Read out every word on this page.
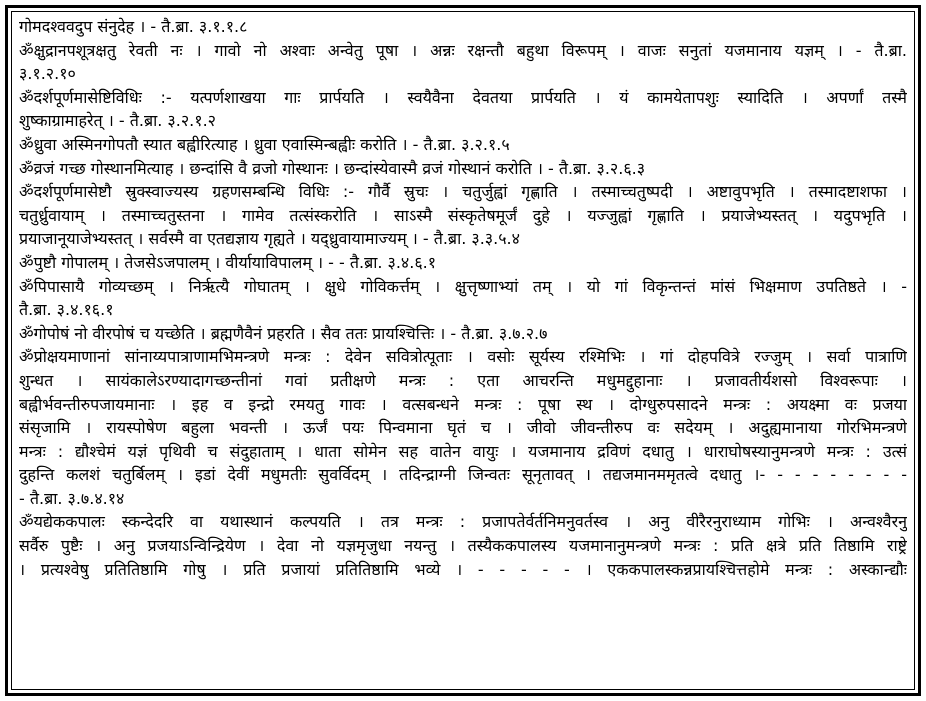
गोमदश्ववदुप संनुदेह । - तै.ब्रा. ३.१.१.८
ॐक्षुद्रानपशूत्रक्षतु रेवती नः । गावो नो अश्वाः अन्वेतु पूषा । अन्नः रक्षन्तौ बहुथा विरूपम् । वाजः सनुतां यजमानाय यज्ञम् । - तै.ब्रा.
३.१.२.१०
ॐदर्शपूर्णमासेष्टिविधिः :- यत्पर्णशाखया गाः प्रार्पयति । स्वयैवैना देवतया प्रार्पयति । यं कामयेतापशुः स्यादिति । अपर्णां तस्मै
शुष्काग्रामाहरेत् । - तै.ब्रा. ३.२.१.२
ॐध्रुवा अस्मिनगोपतौ स्यात बह्वीरित्याह । ध्रुवा एवास्मिन्बह्वीः करोति । - तै.ब्रा. ३.२.१.५
ॐव्रजं गच्छ गोस्थानमित्याह । छन्दांसि वै व्रजो गोस्थानः । छन्दांस्येवास्मै व्रजं गोस्थानं करोति । - तै.ब्रा. ३.२.६.३
ॐदर्शपूर्णमासेष्टौ स्रुक्स्वाज्यस्य ग्रहणसम्बन्धि विधिः :- गौर्वै स्रुचः । चतुर्जुह्वां गृह्णाति । तस्माच्चतुष्पदी । अष्टावुपभृति । तस्मादष्टाशफा ।
चतुर्ध्रुवायाम् । तस्माच्चतुस्तना । गामेव तत्संस्करोति । साऽस्मै संस्कृतेषमूर्जं दुहे । यज्जुह्वां गृह्णाति । प्रयाजेभ्यस्तत् । यदुपभृति ।
प्रयाजानूयाजेभ्यस्तत् । सर्वस्मै वा एतद्यज्ञाय गृह्यते । यद्ध्रुवायामाज्यम् । - तै.ब्रा. ३.३.५.४
ॐपुष्टौ गोपालम् । तेजसेऽजपालम् । वीर्यायाविपालम् । - - तै.ब्रा. ३.४.६.१
ॐपिपासायै गोव्यच्छम् । निर्ऋत्यै गोघातम् । क्षुधे गोविकर्त्तम् । क्षुत्तृष्णाभ्यां तम् । यो गां विकृन्तन्तं मांसं भिक्षमाण उपतिष्ठते । -
तै.ब्रा. ३.४.१६.१
ॐगोपोषं नो वीरपोषं च यच्छेति । ब्रह्मणैवैनं प्रहरति । सैव ततः प्रायश्चित्तिः । - तै.ब्रा. ३.७.२.७
ॐप्रोक्षयमाणानां सांनाय्यपात्राणामभिमन्त्रणे मन्त्रः : देवेन सवित्रोत्पूताः । वसोः सूर्यस्य रश्मिभिः । गां दोहपवित्रे रज्जुम् । सर्वा पात्राणि
शुन्धत । सायंकालेऽरण्यादागच्छन्तीनां गवां प्रतीक्षणे मन्त्रः : एता आचरन्ति मधुमद्दुहानाः । प्रजावतीर्यशसो विश्वरूपाः ।
बह्वीर्भवन्तीरुपजायमानाः । इह व इन्द्रो रमयतु गावः । वत्सबन्धने मन्त्रः : पूषा स्थ । दोग्धुरुपसादने मन्त्रः : अयक्ष्मा वः प्रजया
संसृजामि । रायस्पोषेण बहुला भवन्ती । ऊर्जं पयः पिन्वमाना घृतं च । जीवो जीवन्तीरुप वः सदेयम् । अदुह्यमानाया गोरभिमन्त्रणे
मन्त्रः : द्यौश्चेमं यज्ञं पृथिवी च संदुहाताम् । धाता सोमेन सह वातेन वायुः । यजमानाय द्रविणं दधातु । धाराघोषस्यानुमन्त्रणे मन्त्रः : उत्सं
दुहन्ति कलशं चतुर्बिलम् । इडां देवीं मधुमतीः सुवर्विदम् । तदिन्द्राग्नी जिन्वतः सूनृतावत् । तद्यजमानममृतत्वे दधातु ।- - - - - - - - -
- तै.ब्रा. ३.७.४.१४
ॐयद्येककपालः स्कन्देदरि वा यथास्थानं कल्पयति । तत्र मन्त्रः : प्रजापतेर्वर्तनिमनुवर्तस्व । अनु वीरैरनुराध्याम गोभिः । अन्वश्वैरनु
सर्वैरु पुष्टैः । अनु प्रजयाऽन्विन्द्रियेण । देवा नो यज्ञमृजुधा नयन्तु । तस्यैककपालस्य यजमानानुमन्त्रणे मन्त्रः : प्रति क्षत्रे प्रति तिष्ठामि राष्ट्रे
। प्रत्यश्वेषु प्रतितिष्ठामि गोषु । प्रति प्रजायां प्रतितिष्ठामि भव्ये । - - - - - । एककपालस्कन्नप्रायश्चित्तहोमे मन्त्रः : अस्कान्द्यौः
